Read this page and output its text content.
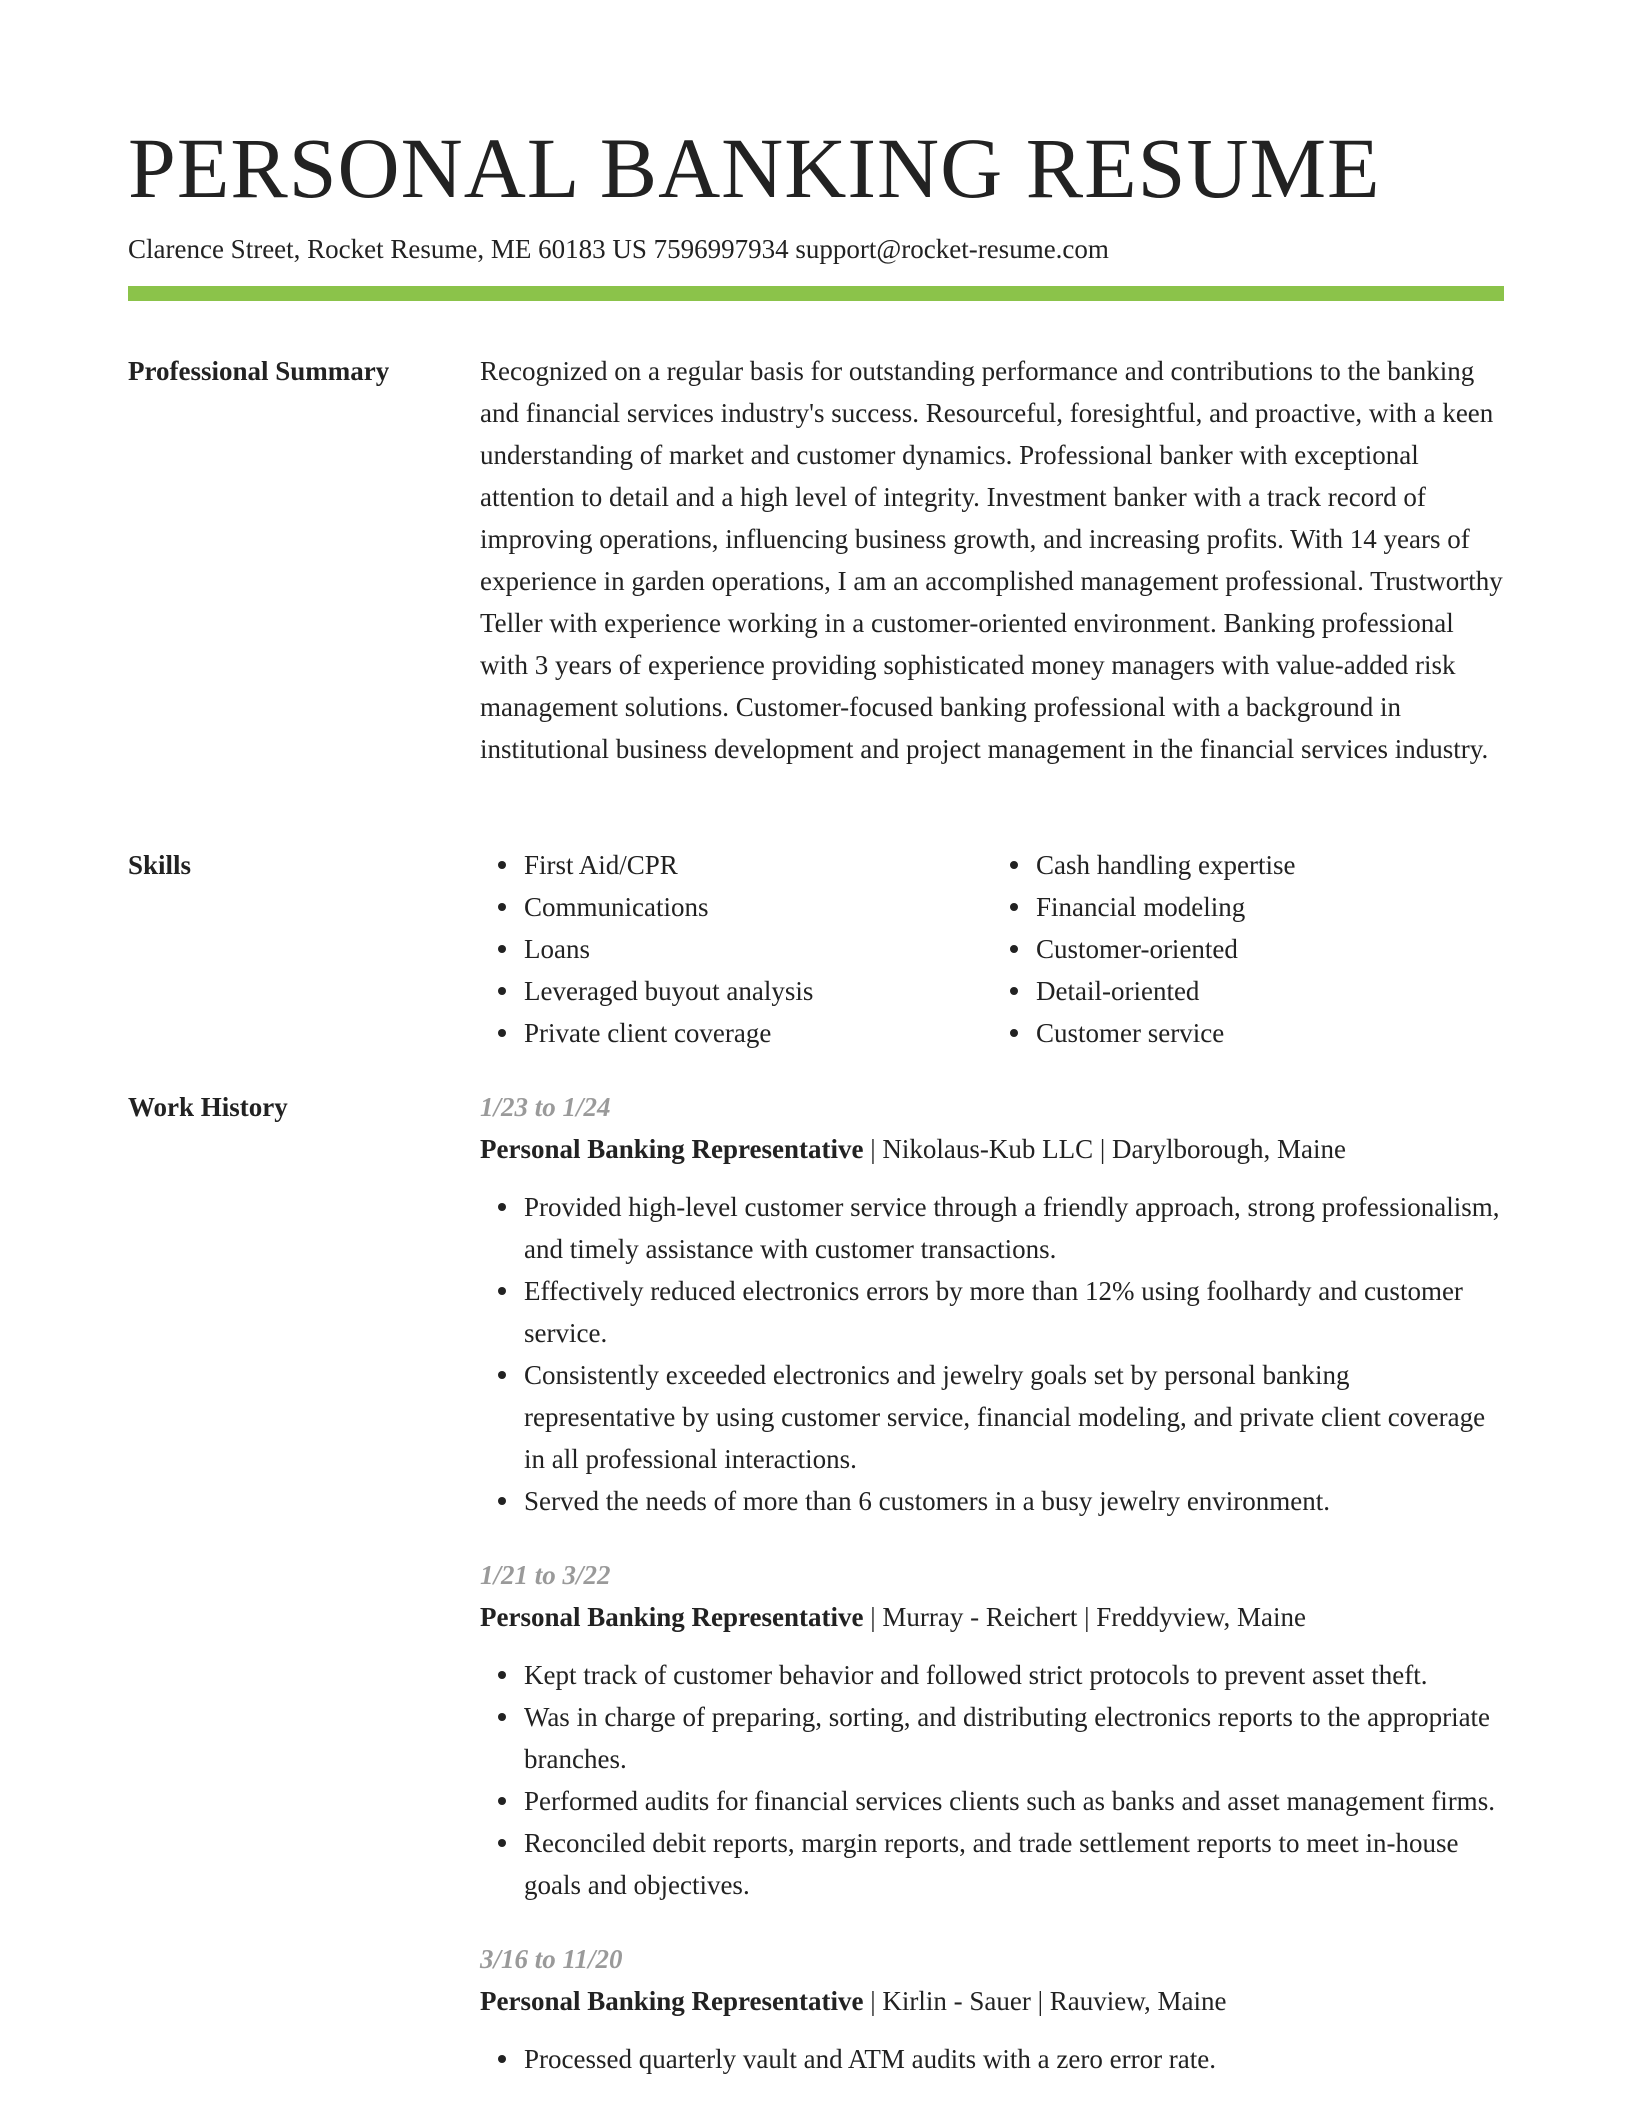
PERSONAL BANKING RESUME
Clarence Street, Rocket Resume, ME 60183 US 7596997934 support@rocket-resume.com
Professional Summary	Recognized on a regular basis for outstanding performance and contributions to the banking and financial services industry's success. Resourceful, foresightful, and proactive, with a keen understanding of market and customer dynamics. Professional banker with exceptional attention to detail and a high level of integrity. Investment banker with a track record of improving operations, influencing business growth, and increasing profits. With 14 years of experience in garden operations, I am an accomplished management professional. Trustworthy Teller with experience working in a customer-oriented environment. Banking professional with 3 years of experience providing sophisticated money managers with value-added risk management solutions. Customer-focused banking professional with a background in institutional business development and project management in the financial services industry.

Skills	First Aid/CPR
Communications
Loans
Leveraged buyout analysis
Private client coverage
Cash handling expertise
Financial modeling
Customer-oriented
Detail-oriented
Customer service
Work History	1/23 to 1/24
Personal Banking Representative | Nikolaus-Kub LLC | Darylborough, Maine
Provided high-level customer service through a friendly approach, strong professionalism, and timely assistance with customer transactions.
Effectively reduced electronics errors by more than 12% using foolhardy and customer service.
Consistently exceeded electronics and jewelry goals set by personal banking representative by using customer service, financial modeling, and private client coverage in all professional interactions.
Served the needs of more than 6 customers in a busy jewelry environment.
1/21 to 3/22
Personal Banking Representative | Murray - Reichert | Freddyview, Maine
Kept track of customer behavior and followed strict protocols to prevent asset theft.
Was in charge of preparing, sorting, and distributing electronics reports to the appropriate branches.
Performed audits for financial services clients such as banks and asset management firms.
Reconciled debit reports, margin reports, and trade settlement reports to meet in-house goals and objectives.
3/16 to 11/20
Personal Banking Representative | Kirlin - Sauer | Rauview, Maine
Processed quarterly vault and ATM audits with a zero error rate.
